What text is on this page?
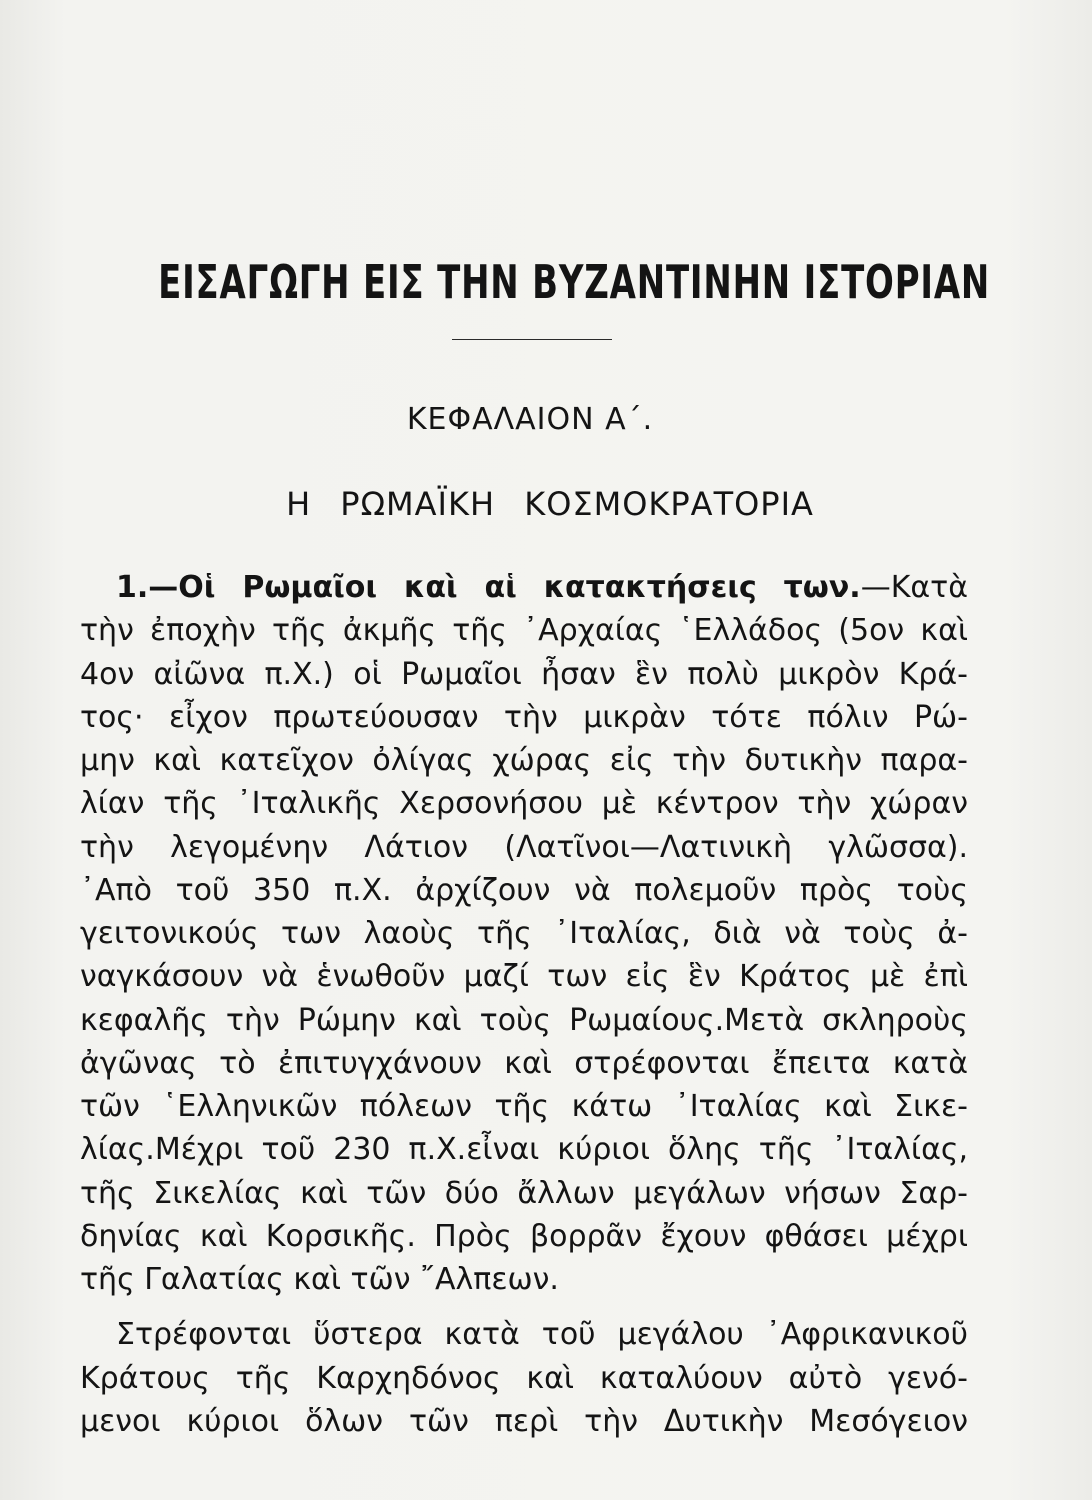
ΕΙΣΑΓΩΓΗ ΕΙΣ ΤΗΝ ΒΥΖΑΝΤΙΝΗΝ ΙΣΤΟΡΙΑΝ
ΚΕΦΑΛΑΙΟΝ Α΄.
Η ΡΩΜΑΪΚΗ ΚΟΣΜΟΚΡΑΤΟΡΙΑ
1.—Οἱ Ρωμαῖοι καὶ αἱ κατακτήσεις των.—Κατὰ
τὴν ἐποχὴν τῆς ἀκμῆς τῆς ᾿Αρχαίας ῾Ελλάδος (5ον καὶ
4ον αἰῶνα π.Χ.) οἱ Ρωμαῖοι ἦσαν ἓν πολὺ μικρὸν Κρά-
τος· εἶχον πρωτεύουσαν τὴν μικρὰν τότε πόλιν Ρώ-
μην καὶ κατεῖχον ὀλίγας χώρας εἰς τὴν δυτικὴν παρα-
λίαν τῆς ᾿Ιταλικῆς Χερσονήσου μὲ κέντρον τὴν χώραν
τὴν λεγομένην Λάτιον (Λατῖνοι—Λατινικὴ γλῶσσα).
᾿Απὸ τοῦ 350 π.Χ. ἀρχίζουν νὰ πολεμοῦν πρὸς τοὺς
γειτονικούς των λαοὺς τῆς ᾿Ιταλίας, διὰ νὰ τοὺς ἀ-
ναγκάσουν νὰ ἑνωθοῦν μαζί των εἰς ἓν Κράτος μὲ ἐπὶ
κεφαλῆς τὴν Ρώμην καὶ τοὺς Ρωμαίους.Μετὰ σκληροὺς
ἀγῶνας τὸ ἐπιτυγχάνουν καὶ στρέφονται ἔπειτα κατὰ
τῶν ῾Ελληνικῶν πόλεων τῆς κάτω ᾿Ιταλίας καὶ Σικε-
λίας.Μέχρι τοῦ 230 π.Χ.εἶναι κύριοι ὅλης τῆς ᾿Ιταλίας,
τῆς Σικελίας καὶ τῶν δύο ἄλλων μεγάλων νήσων Σαρ-
δηνίας καὶ Κορσικῆς. Πρὸς βορρᾶν ἔχουν φθάσει μέχρι
τῆς Γαλατίας καὶ τῶν ῎Αλπεων.
Στρέφονται ὕστερα κατὰ τοῦ μεγάλου ᾿Αφρικανικοῦ
Κράτους τῆς Καρχηδόνος καὶ καταλύουν αὐτὸ γενό-
μενοι κύριοι ὅλων τῶν περὶ τὴν Δυτικὴν Μεσόγειον
